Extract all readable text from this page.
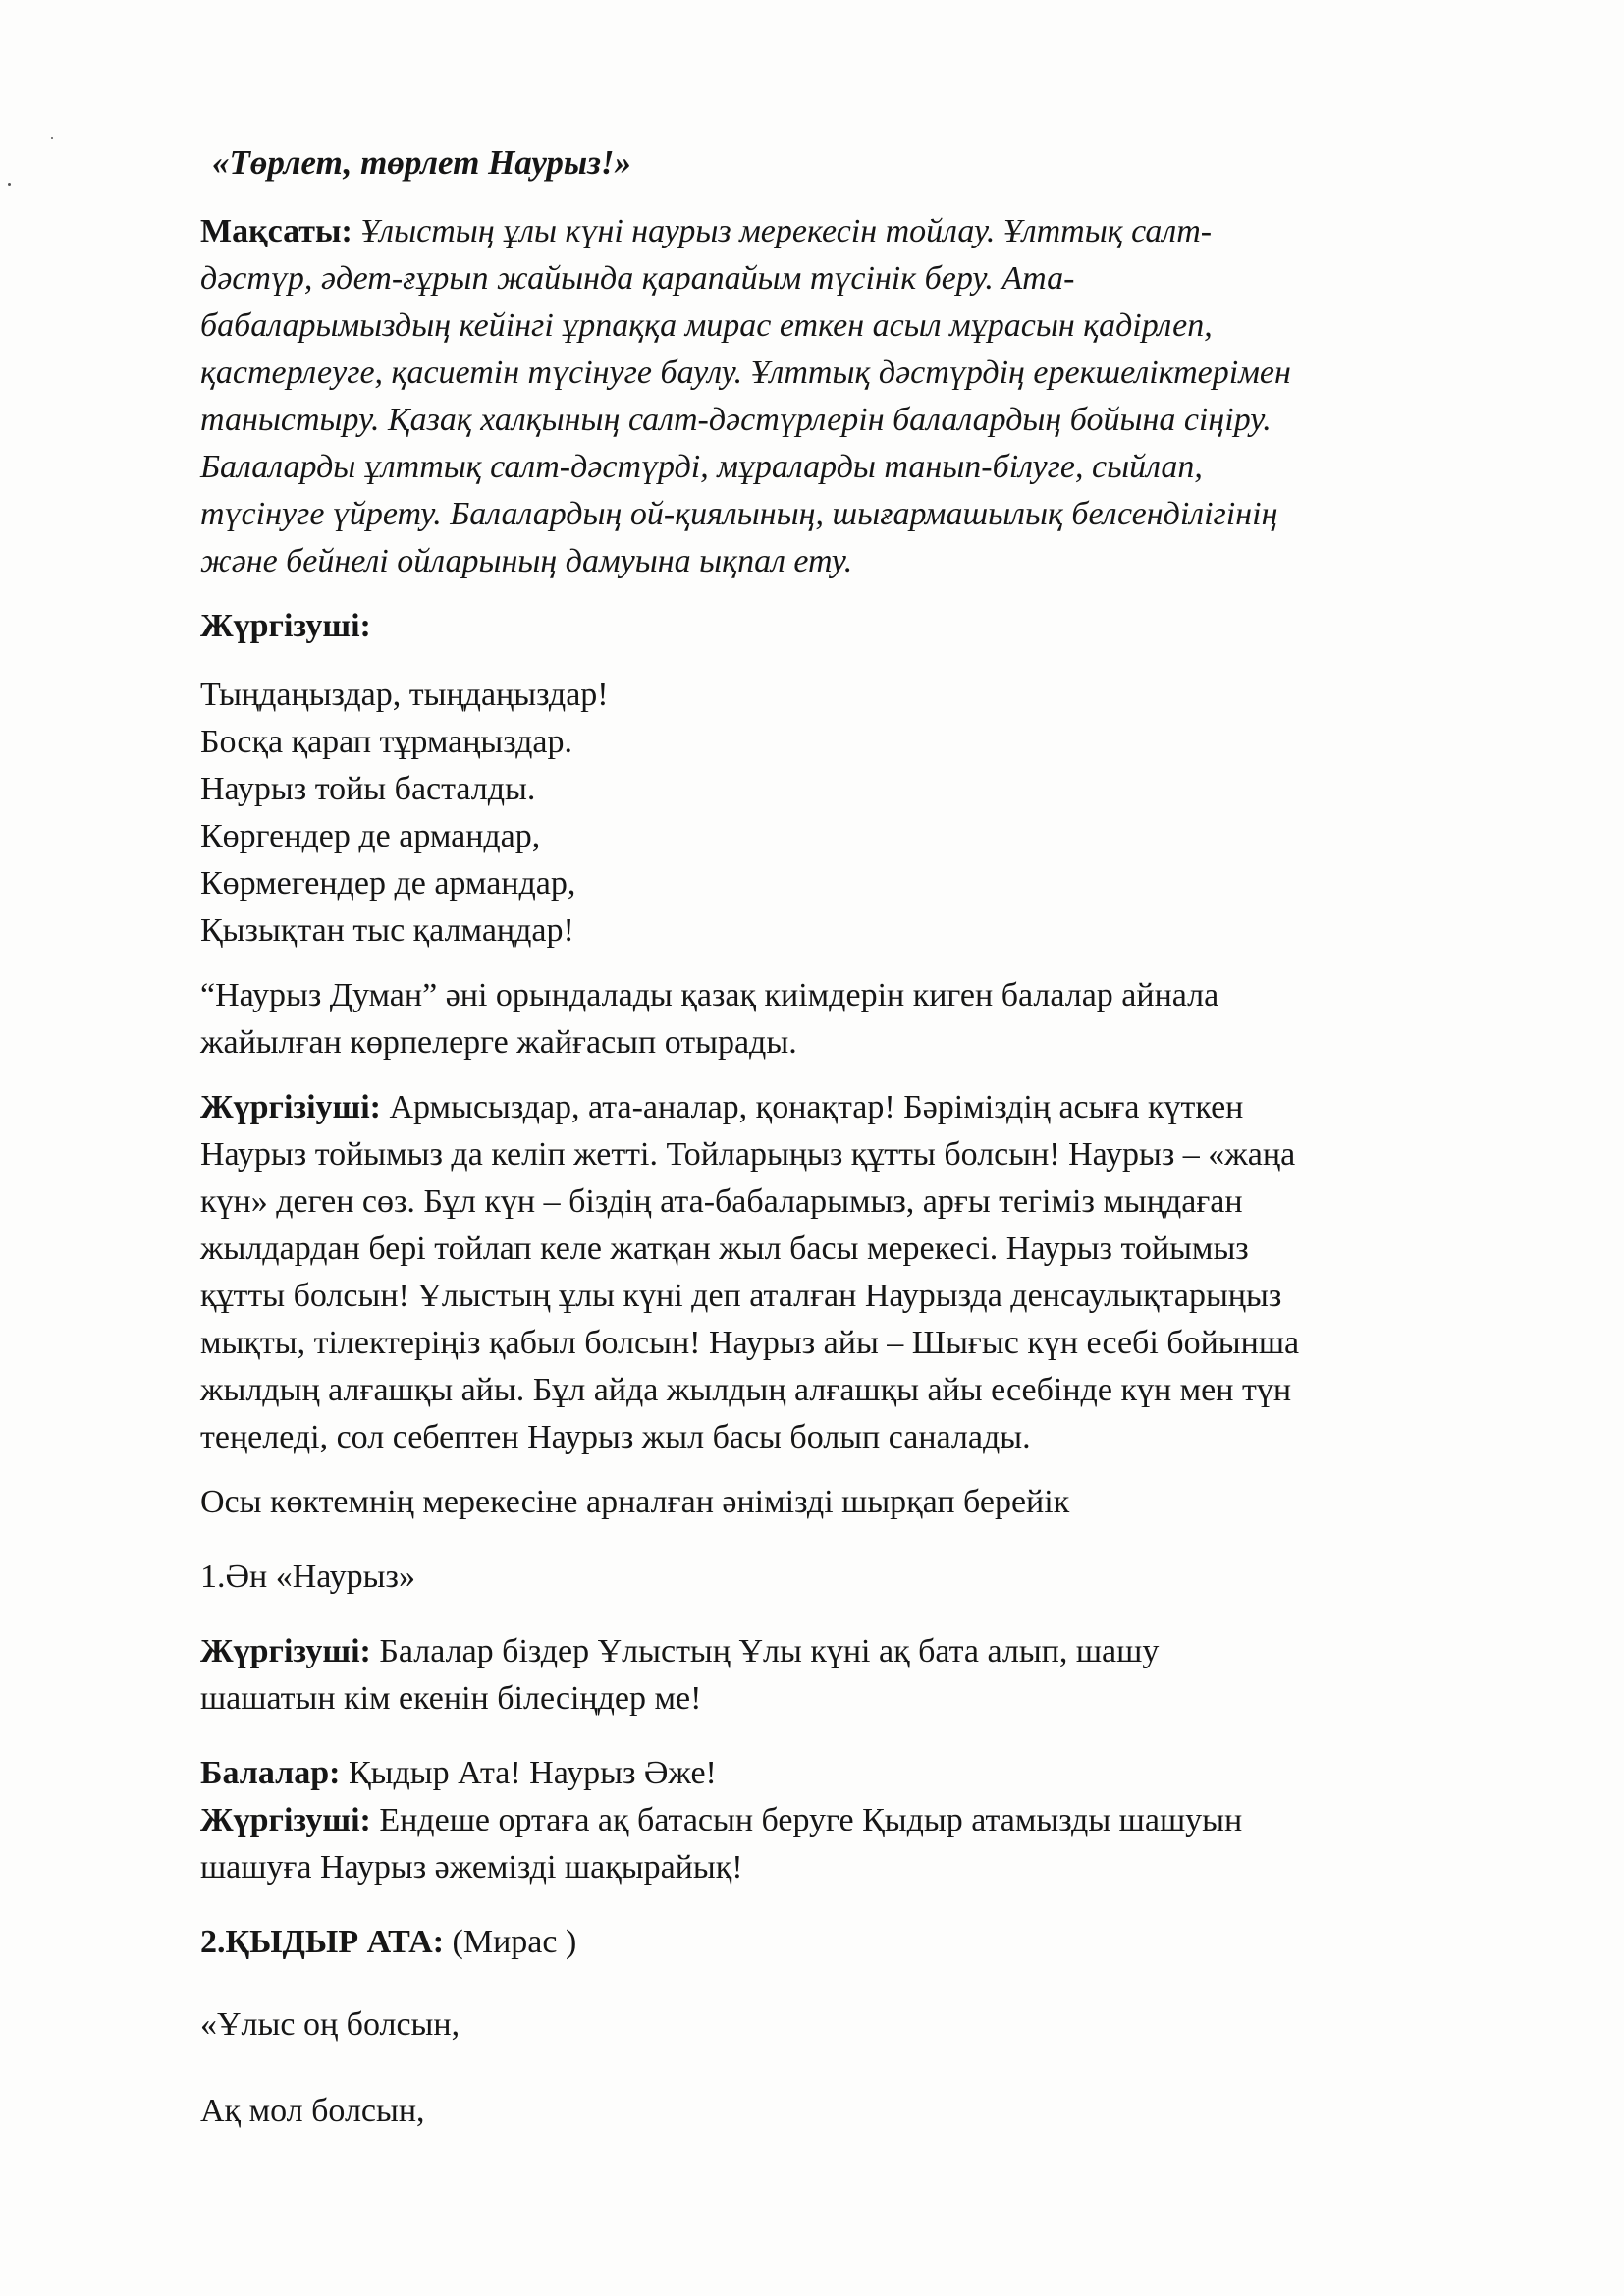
«Төрлет, төрлет Наурыз!»
Мақсаты: Ұлыстың ұлы күні наурыз мерекесін тойлау. Ұлттық салт-
дәстүр, әдет-ғұрып жайында қарапайым түсінік беру. Ата-
бабаларымыздың кейінгі ұрпаққа мирас еткен асыл мұрасын қадірлеп,
қастерлеуге, қасиетін түсінуге баулу. Ұлттық дәстүрдің ерекшеліктерімен
таныстыру. Қазақ халқының салт-дәстүрлерін балалардың бойына сіңіру.
Балаларды ұлттық салт-дәстүрді, мұраларды танып-білуге, сыйлап,
түсінуге үйрету. Балалардың ой-қиялының, шығармашылық белсенділігінің
және бейнелі ойларының дамуына ықпал ету.
Жүргізуші:
Тыңдаңыздар, тыңдаңыздар!
Босқа қарап тұрмаңыздар.
Наурыз тойы басталды.
Көргендер де армандар,
Көрмегендер де армандар,
Қызықтан тыс қалмаңдар!
“Наурыз Думан” әні орындалады қазақ киімдерін киген балалар айнала
жайылған көрпелерге жайғасып отырады.
Жүргізіуші: Армысыздар, ата-аналар, қонақтар! Бәріміздің асыға күткен
Наурыз тойымыз да келіп жетті. Тойларыңыз құтты болсын! Наурыз – «жаңа
күн» деген сөз. Бұл күн – біздің ата-бабаларымыз, арғы тегіміз мыңдаған
жылдардан бері тойлап келе жатқан жыл басы мерекесі. Наурыз тойымыз
құтты болсын! Ұлыстың ұлы күні деп аталған Наурызда денсаулықтарыңыз
мықты, тілектеріңіз қабыл болсын! Наурыз айы – Шығыс күн есебі бойынша
жылдың алғашқы айы. Бұл айда жылдың алғашқы айы есебінде күн мен түн
теңеледі, сол себептен Наурыз жыл басы болып саналады.
Осы көктемнің мерекесіне арналған әнімізді шырқап берейік
1.Ән «Наурыз»
Жүргізуші: Балалар біздер Ұлыстың Ұлы күні ақ бата алып, шашу
шашатын кім екенін білесіңдер ме!
Балалар: Қыдыр Ата! Наурыз Әже!
Жүргізуші: Ендеше ортаға ақ батасын беруге Қыдыр атамызды шашуын
шашуға Наурыз әжемізді шақырайық!
2.ҚЫДЫР АТА: (Мирас )
«Ұлыс оң болсын,
Ақ мол болсын,
